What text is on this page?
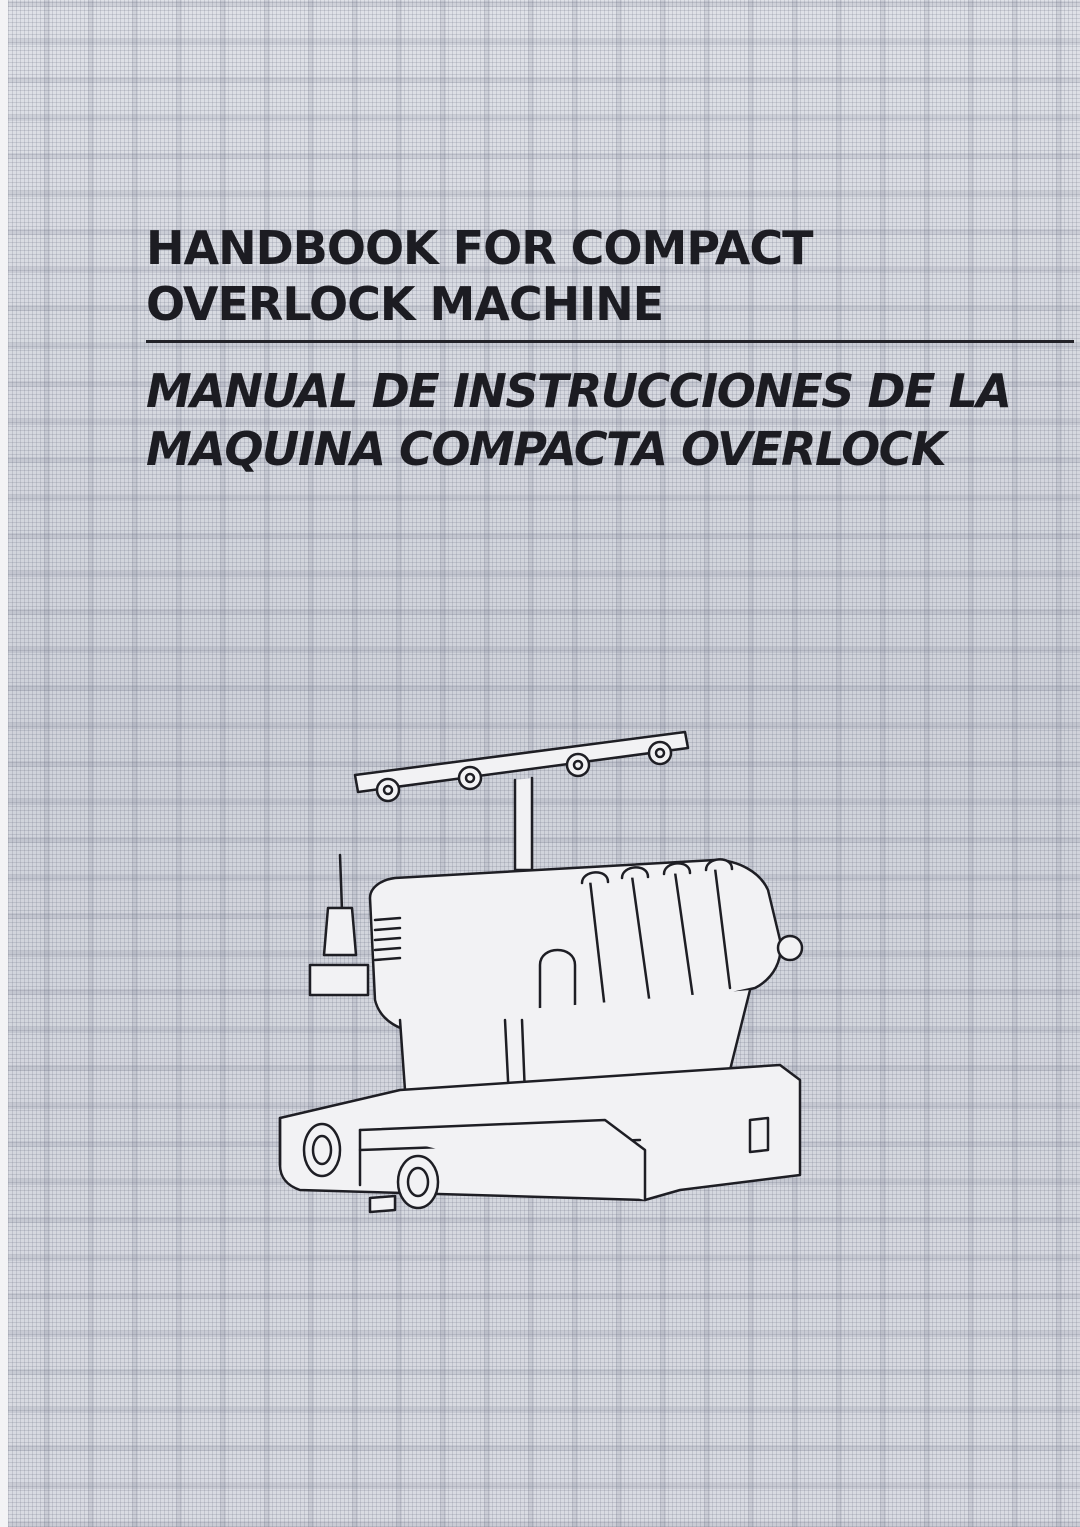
HANDBOOK FOR COMPACT
OVERLOCK MACHINE
MANUAL DE INSTRUCCIONES DE LA
MAQUINA COMPACTA OVERLOCK
